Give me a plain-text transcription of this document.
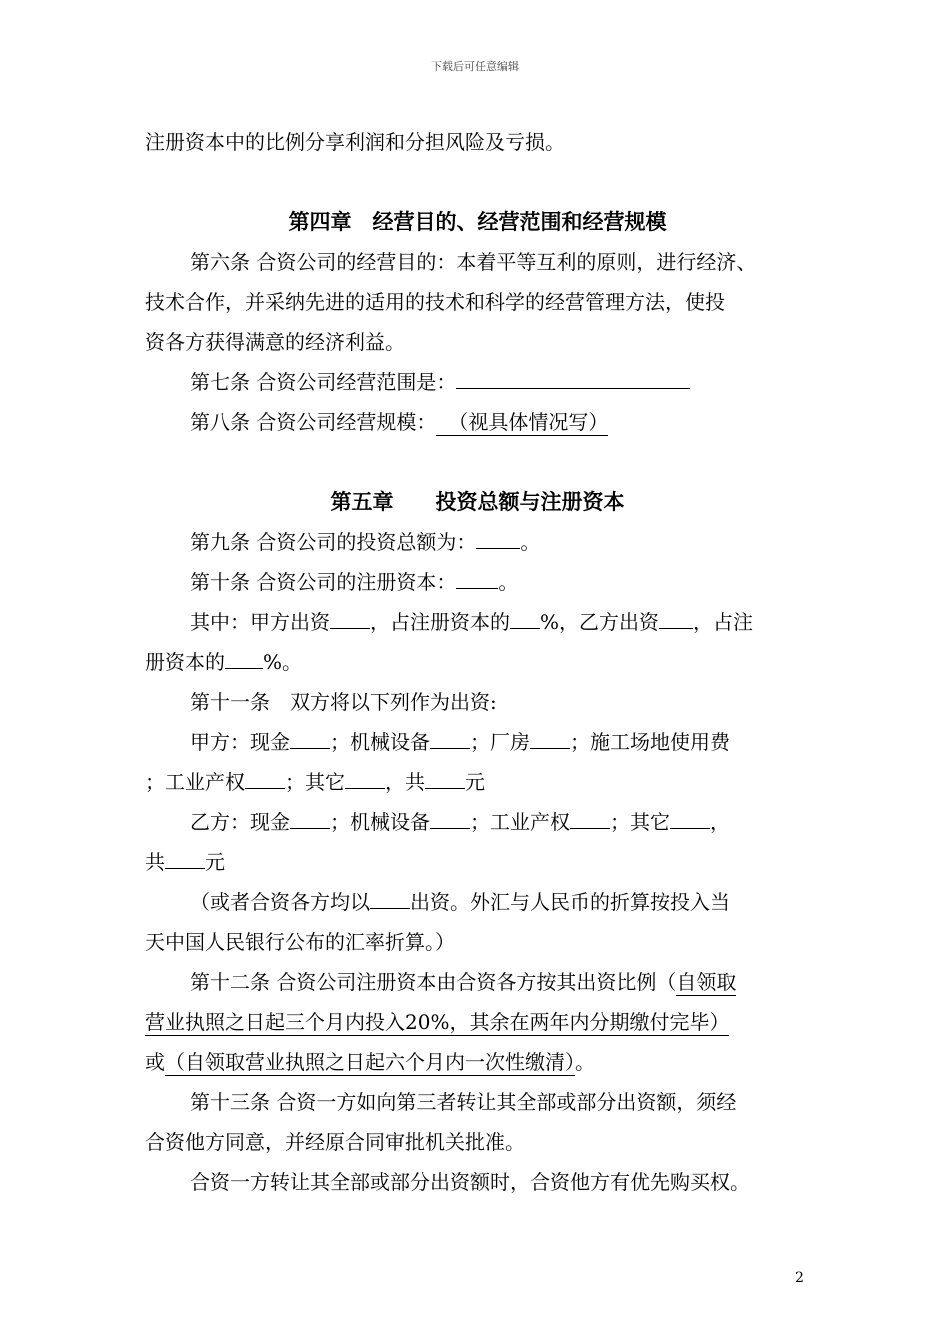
下载后可任意编辑
注册资本中的比例分享利润和分担风险及亏损。
第四章　经营目的、经营范围和经营规模
第六条 合资公司的经营目的：本着平等互利的原则，进行经济、
技术合作，并采纳先进的适用的技术和科学的经营管理方法，使投
资各方获得满意的经济利益。
第七条 合资公司经营范围是：
第八条 合资公司经营规模： （视具体情况写）
第五章　　投资总额与注册资本
第九条 合资公司的投资总额为： 。
第十条 合资公司的注册资本： 。
其中：甲方出资 ，占注册资本的 %，乙方出资 ，占注
册资本的 %。
第十一条　双方将以下列作为出资:
甲方：现金 ；机械设备 ；厂房 ；施工场地使用费
；工业产权 ；其它 ，共 元
乙方：现金 ；机械设备 ；工业产权 ；其它 ，
共 元
（或者合资各方均以 出资。外汇与人民币的折算按投入当
天中国人民银行公布的汇率折算。）
第十二条 合资公司注册资本由合资各方按其出资比例（自领取
营业执照之日起三个月内投入20%，其余在两年内分期缴付完毕）
或（自领取营业执照之日起六个月内一次性缴清）。
第十三条 合资一方如向第三者转让其全部或部分出资额，须经
合资他方同意，并经原合同审批机关批准。
合资一方转让其全部或部分出资额时，合资他方有优先购买权。
2
